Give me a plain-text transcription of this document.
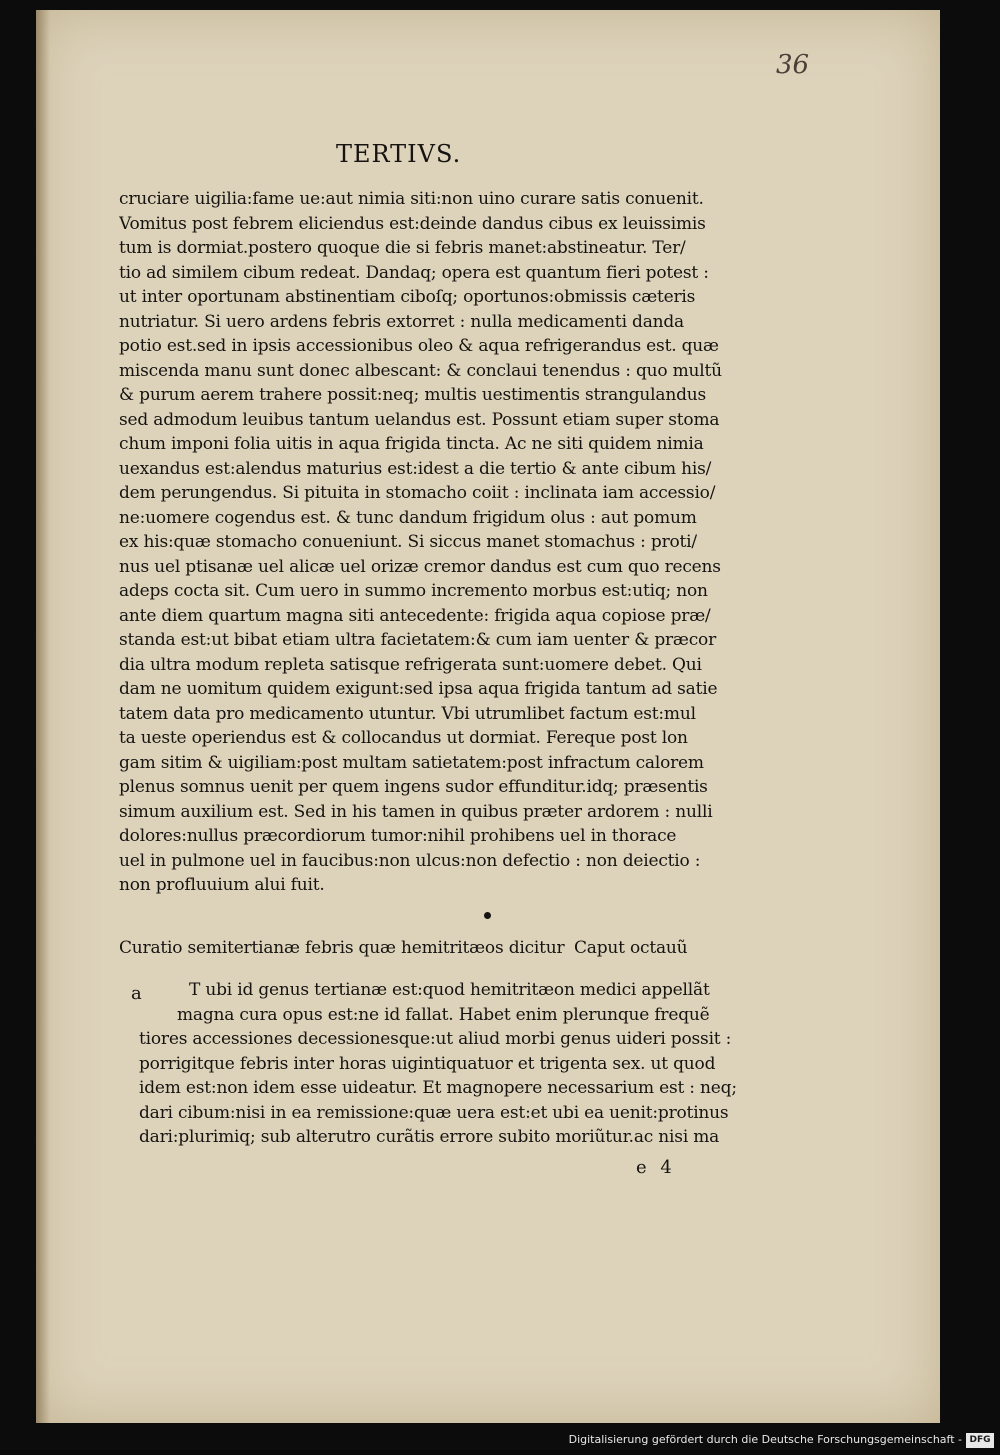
36
TERTIVS.
cruciare uigilia:fame ue:aut nimia siti:non uino curare satis conuenit.
Vomitus post febrem eliciendus est:deinde dandus cibus ex leuissimis
tum is dormiat.postero quoque die si febris manet:abstineatur. Ter/
tio ad similem cibum redeat. Dandaq; opera est quantum fieri potest :
ut inter oportunam abstinentiam ciboſq; oportunos:obmissis cæteris
nutriatur. Si uero ardens febris extorret : nulla medicamenti danda
potio est.sed in ipsis accessionibus oleo & aqua refrigerandus est. quæ
miscenda manu sunt donec albescant: & conclaui tenendus : quo multũ
& purum aerem trahere possit:neq; multis uestimentis strangulandus
sed admodum leuibus tantum uelandus est. Possunt etiam super stoma
chum imponi folia uitis in aqua frigida tincta. Ac ne siti quidem nimia
uexandus est:alendus maturius est:idest a die tertio & ante cibum his/
dem perungendus. Si pituita in stomacho coiit : inclinata iam accessio/
ne:uomere cogendus est. & tunc dandum frigidum olus : aut pomum
ex his:quæ stomacho conueniunt. Si siccus manet stomachus : proti/
nus uel ptisanæ uel alicæ uel orizæ cremor dandus est cum quo recens
adeps cocta sit. Cum uero in summo incremento morbus est:utiq; non
ante diem quartum magna siti antecedente: frigida aqua copiose præ/
standa est:ut bibat etiam ultra facietatem:& cum iam uenter & præcor
dia ultra modum repleta satisque refrigerata sunt:uomere debet. Qui
dam ne uomitum quidem exigunt:sed ipsa aqua frigida tantum ad satie
tatem data pro medicamento utuntur. Vbi utrumlibet factum est:mul
ta ueste operiendus est & collocandus ut dormiat. Fereque post lon
gam sitim & uigiliam:post multam satietatem:post infractum calorem
plenus somnus uenit per quem ingens sudor effunditur.idq; præsentis
simum auxilium est. Sed in his tamen in quibus præter ardorem : nulli
dolores:nullus præcordiorum tumor:nihil prohibens uel in thorace
uel in pulmone uel in faucibus:non ulcus:non defectio : non deiectio :
non profluuium alui fuit.
Curatio semitertianæ febris quæ hemitritæos dicitur Caput octauũ
a	T ubi id genus tertianæ est:quod hemitritæon medici appellãt
magna cura opus est:ne id fallat. Habet enim plerunque frequẽ
tiores accessiones decessionesque:ut aliud morbi genus uideri possit :
porrigitque febris inter horas uigintiquatuor et trigenta sex. ut quod
idem est:non idem esse uideatur. Et magnopere necessarium est : neq;
dari cibum:nisi in ea remissione:quæ uera est:et ubi ea uenit:protinus
dari:plurimiq; sub alterutro curãtis errore subito moriũtur.ac nisi ma
e 4
Digitalisierung gefördert durch die Deutsche Forschungsgemeinschaft - DFG
